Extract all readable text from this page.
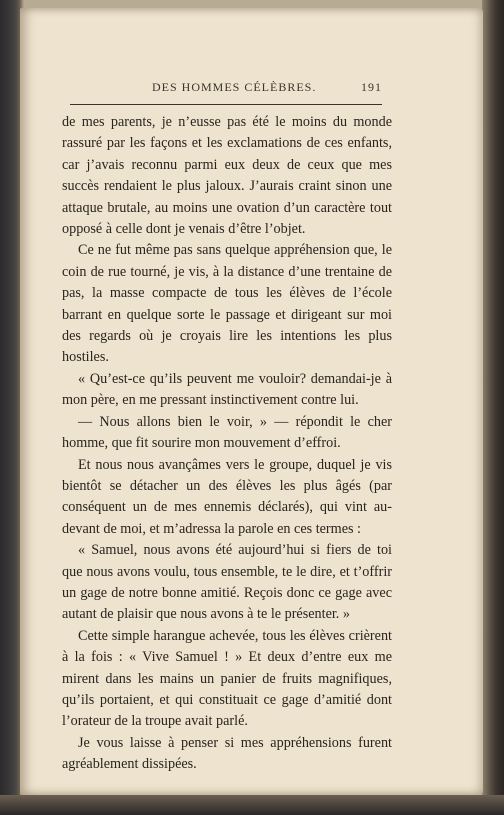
DES HOMMES CÉLÈBRES.	191

de mes parents, je n’eusse pas été le moins du monde rassuré par les façons et les exclamations de ces enfants, car j’avais reconnu parmi eux deux de ceux que mes succès rendaient le plus jaloux. J’aurais craint sinon une attaque brutale, au moins une ovation d’un caractère tout opposé à celle dont je venais d’être l’objet.

Ce ne fut même pas sans quelque appréhension que, le coin de rue tourné, je vis, à la distance d’une trentaine de pas, la masse compacte de tous les élèves de l’école barrant en quelque sorte le passage et dirigeant sur moi des regards où je croyais lire les intentions les plus hostiles.

« Qu’est-ce qu’ils peuvent me vouloir? demandai-je à mon père, en me pressant instinctivement contre lui.

— Nous allons bien le voir, » — répondit le cher homme, que fit sourire mon mouvement d’effroi.

Et nous nous avançâmes vers le groupe, duquel je vis bientôt se détacher un des élèves les plus âgés (par conséquent un de mes ennemis déclarés), qui vint au-devant de moi, et m’adressa la parole en ces termes :

« Samuel, nous avons été aujourd’hui si fiers de toi que nous avons voulu, tous ensemble, te le dire, et t’offrir un gage de notre bonne amitié. Reçois donc ce gage avec autant de plaisir que nous avons à te le présenter. »

Cette simple harangue achevée, tous les élèves crièrent à la fois : « Vive Samuel ! » Et deux d’entre eux me mirent dans les mains un panier de fruits magnifiques, qu’ils portaient, et qui constituait ce gage d’amitié dont l’orateur de la troupe avait parlé.

Je vous laisse à penser si mes appréhensions furent agréablement dissipées.
